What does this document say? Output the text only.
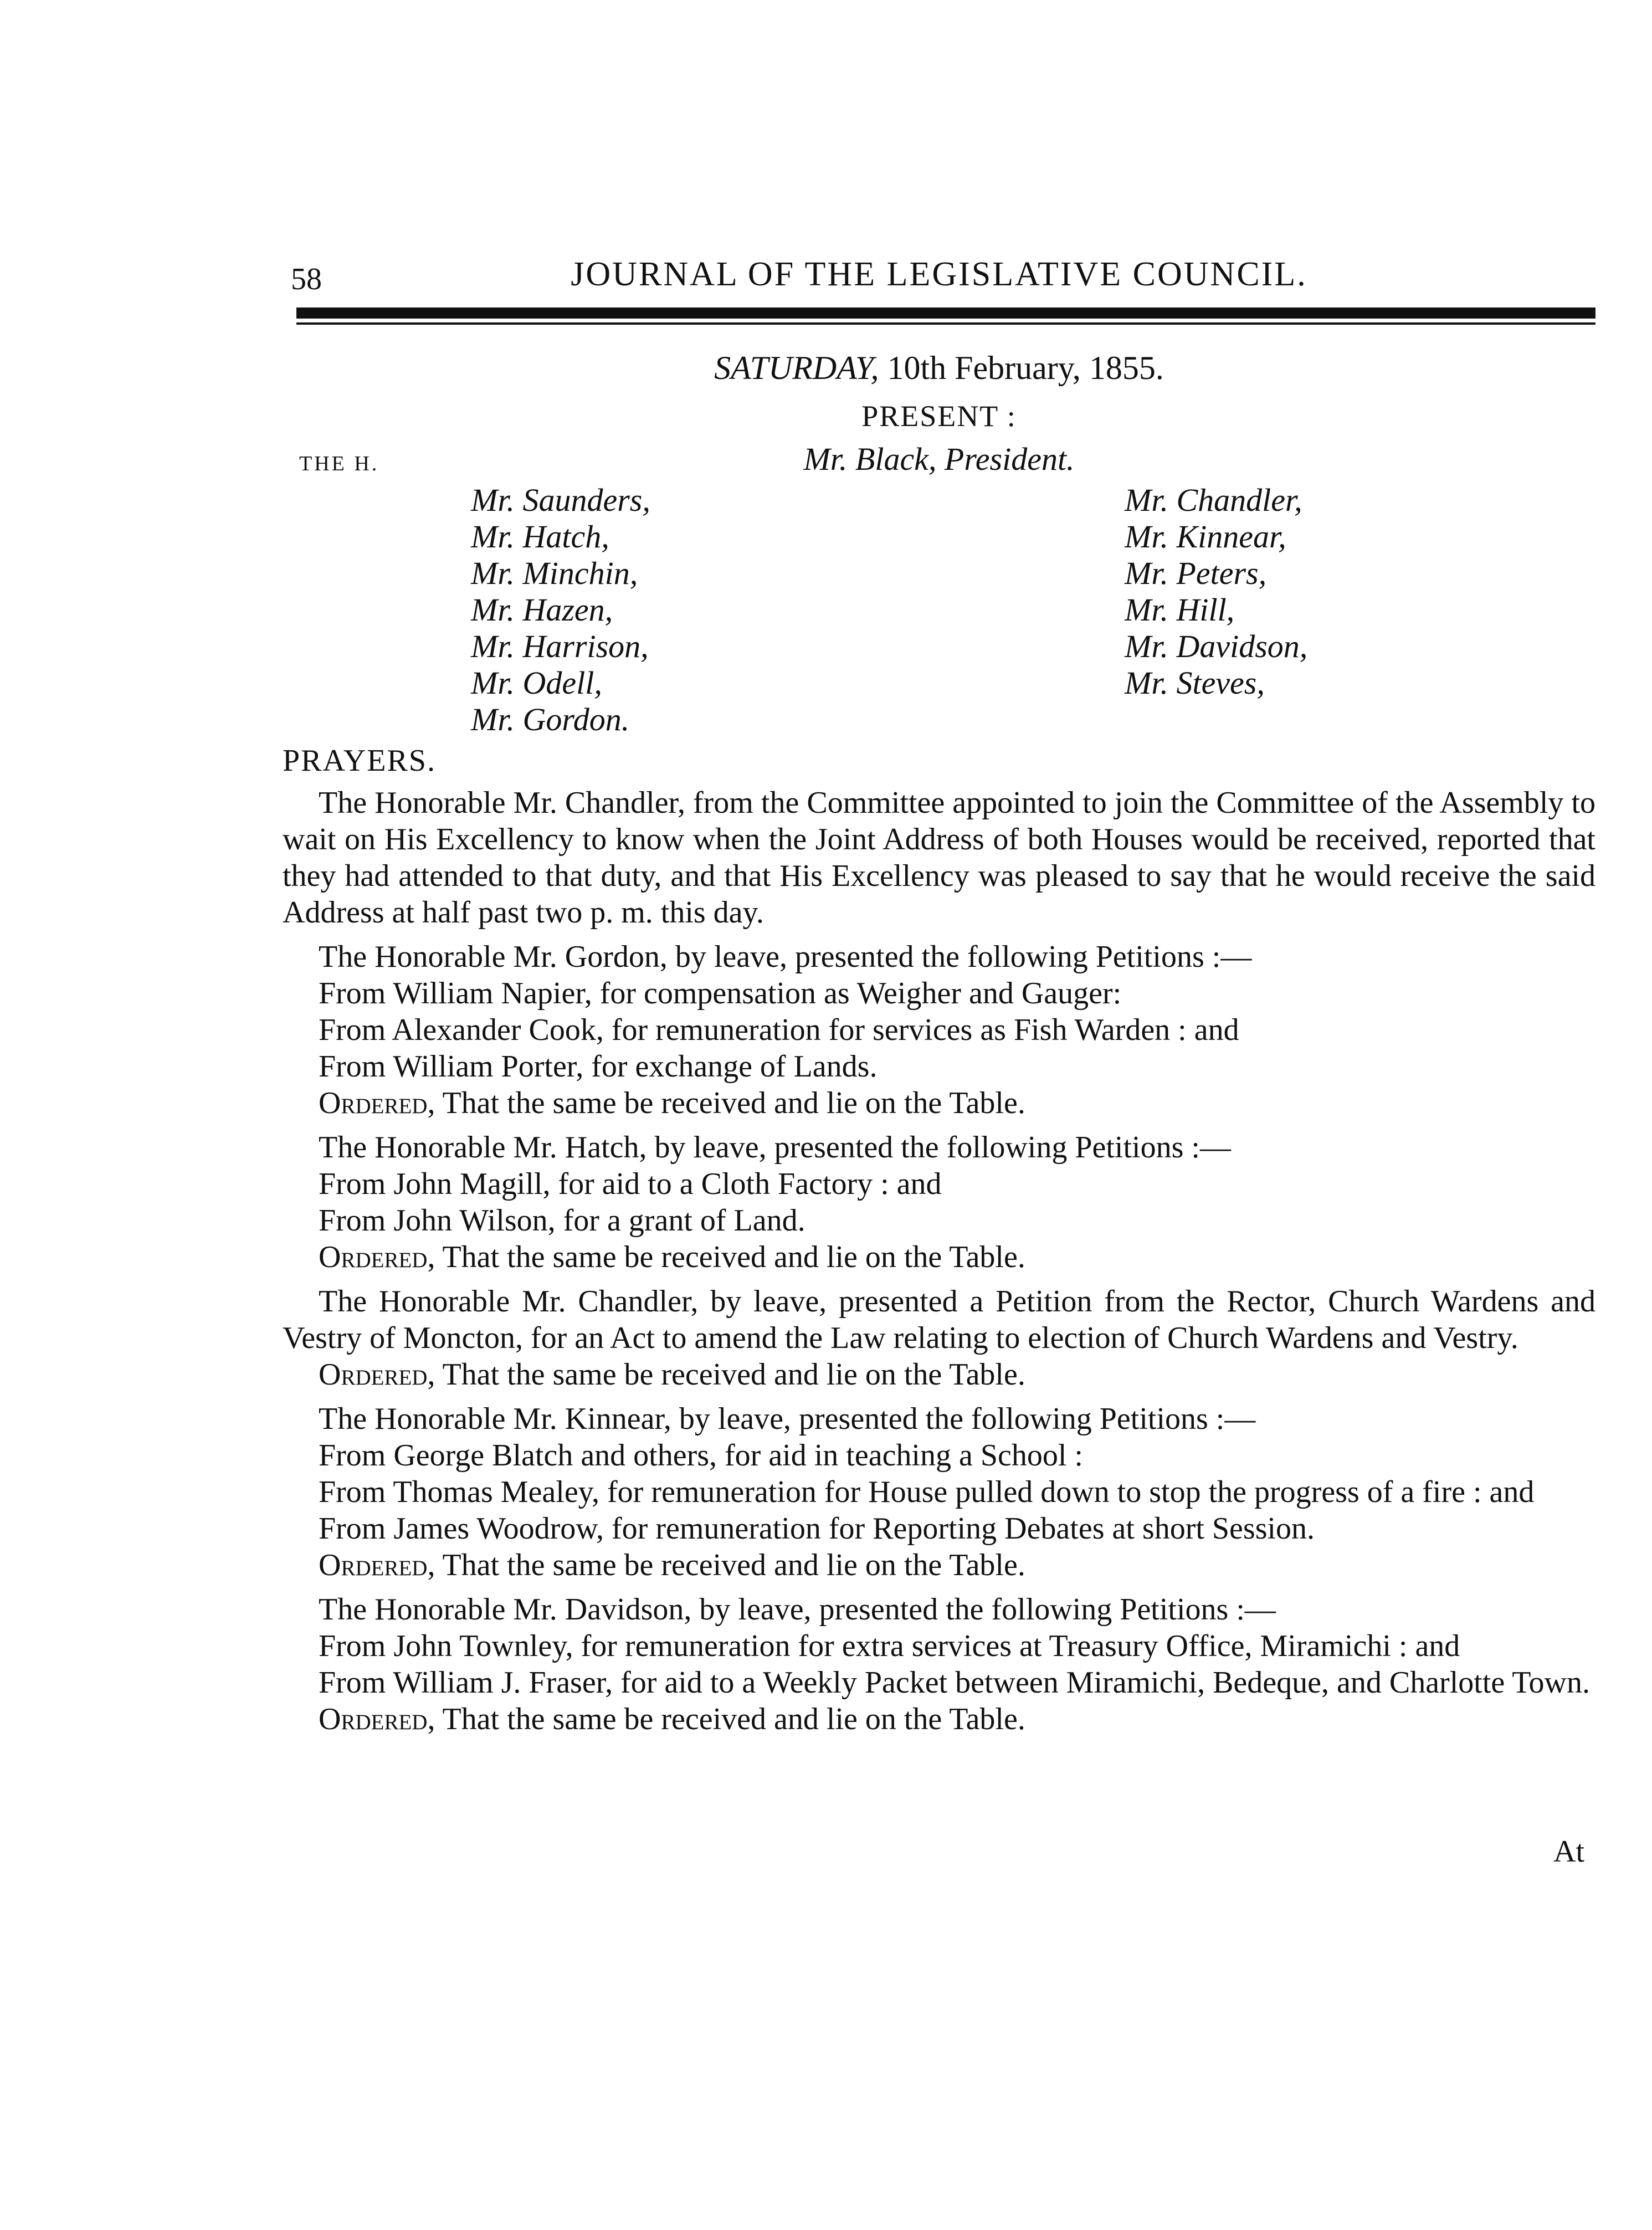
58	JOURNAL OF THE LEGISLATIVE COUNCIL.
SATURDAY, 10th February, 1855.
PRESENT :
THE H.	Mr. Black, President.
Mr. Saunders,
Mr. Hatch,
Mr. Minchin,
Mr. Hazen,
Mr. Harrison,
Mr. Odell,
Mr. Gordon.
Mr. Chandler,
Mr. Kinnear,
Mr. Peters,
Mr. Hill,
Mr. Davidson,
Mr. Steves,

PRAYERS.

The Honorable Mr. Chandler, from the Committee appointed to join the Committee of the Assembly to wait on His Excellency to know when the Joint Address of both Houses would be received, reported that they had attended to that duty, and that His Excellency was pleased to say that he would receive the said Address at half past two p. m. this day.

The Honorable Mr. Gordon, by leave, presented the following Petitions :—

From William Napier, for compensation as Weigher and Gauger:

From Alexander Cook, for remuneration for services as Fish Warden : and

From William Porter, for exchange of Lands.

Ordered, That the same be received and lie on the Table.

The Honorable Mr. Hatch, by leave, presented the following Petitions :—

From John Magill, for aid to a Cloth Factory : and

From John Wilson, for a grant of Land.

Ordered, That the same be received and lie on the Table.

The Honorable Mr. Chandler, by leave, presented a Petition from the Rector, Church Wardens and Vestry of Moncton, for an Act to amend the Law relating to election of Church Wardens and Vestry.

Ordered, That the same be received and lie on the Table.

The Honorable Mr. Kinnear, by leave, presented the following Petitions :—

From George Blatch and others, for aid in teaching a School :

From Thomas Mealey, for remuneration for House pulled down to stop the progress of a fire : and

From James Woodrow, for remuneration for Reporting Debates at short Session.

Ordered, That the same be received and lie on the Table.

The Honorable Mr. Davidson, by leave, presented the following Petitions :—

From John Townley, for remuneration for extra services at Treasury Office, Miramichi : and

From William J. Fraser, for aid to a Weekly Packet between Miramichi, Bedeque, and Charlotte Town.

Ordered, That the same be received and lie on the Table.

At
